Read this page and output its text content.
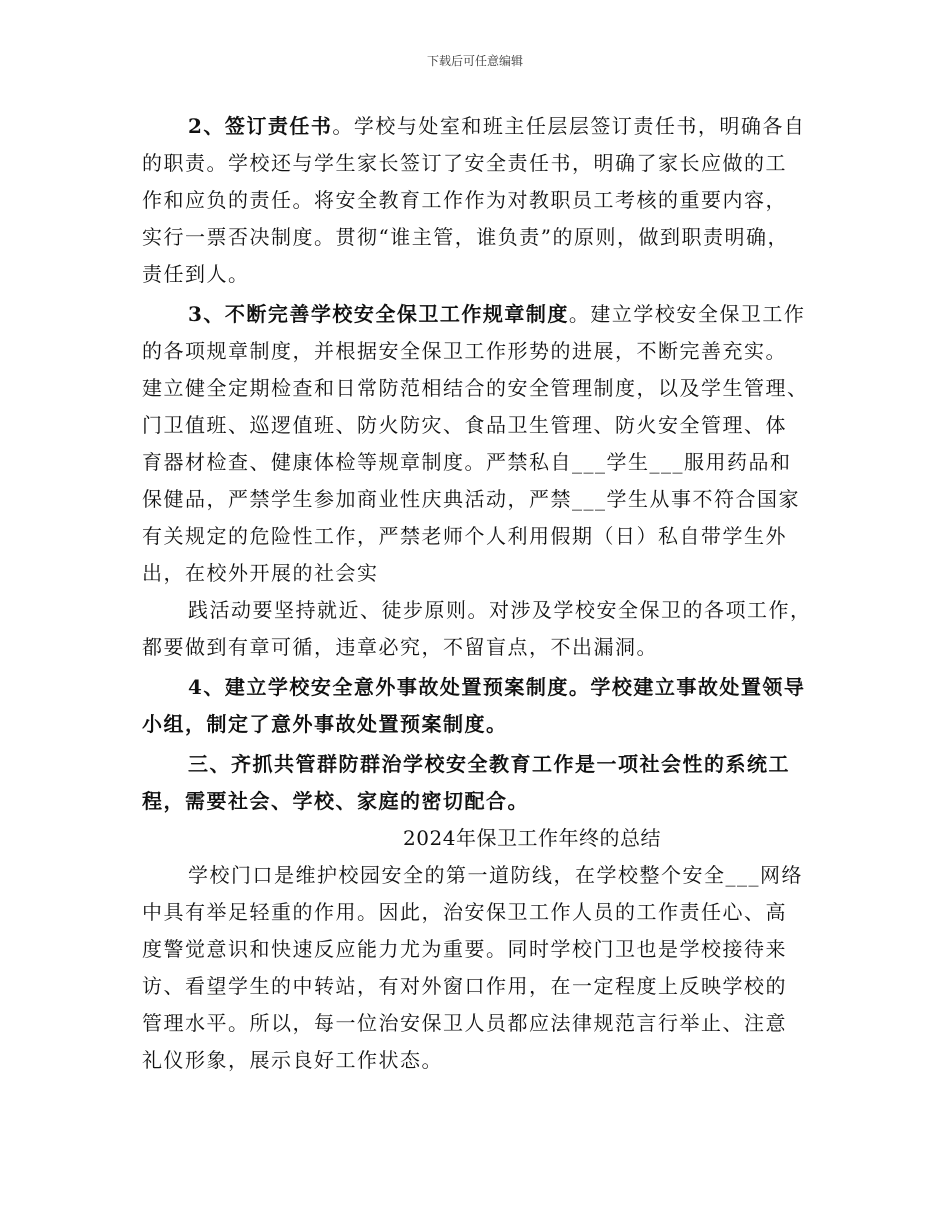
下载后可任意编辑
2、签订责任书。学校与处室和班主任层层签订责任书，明确各自
的职责。学校还与学生家长签订了安全责任书，明确了家长应做的工
作和应负的责任。将安全教育工作作为对教职员工考核的重要内容，
实行一票否决制度。贯彻“谁主管，谁负责”的原则，做到职责明确，
责任到人。
3、不断完善学校安全保卫工作规章制度。建立学校安全保卫工作
的各项规章制度，并根据安全保卫工作形势的进展，不断完善充实。
建立健全定期检查和日常防范相结合的安全管理制度，以及学生管理、
门卫值班、巡逻值班、防火防灾、食品卫生管理、防火安全管理、体
育器材检查、健康体检等规章制度。严禁私自___学生___服用药品和
保健品，严禁学生参加商业性庆典活动，严禁___学生从事不符合国家
有关规定的危险性工作，严禁老师个人利用假期（日）私自带学生外
出，在校外开展的社会实
践活动要坚持就近、徒步原则。对涉及学校安全保卫的各项工作，
都要做到有章可循，违章必究，不留盲点，不出漏洞。
4、建立学校安全意外事故处置预案制度。学校建立事故处置领导
小组，制定了意外事故处置预案制度。
三、齐抓共管群防群治学校安全教育工作是一项社会性的系统工
程，需要社会、学校、家庭的密切配合。
2024年保卫工作年终的总结
学校门口是维护校园安全的第一道防线，在学校整个安全___网络
中具有举足轻重的作用。因此，治安保卫工作人员的工作责任心、高
度警觉意识和快速反应能力尤为重要。同时学校门卫也是学校接待来
访、看望学生的中转站，有对外窗口作用，在一定程度上反映学校的
管理水平。所以，每一位治安保卫人员都应法律规范言行举止、注意
礼仪形象，展示良好工作状态。
